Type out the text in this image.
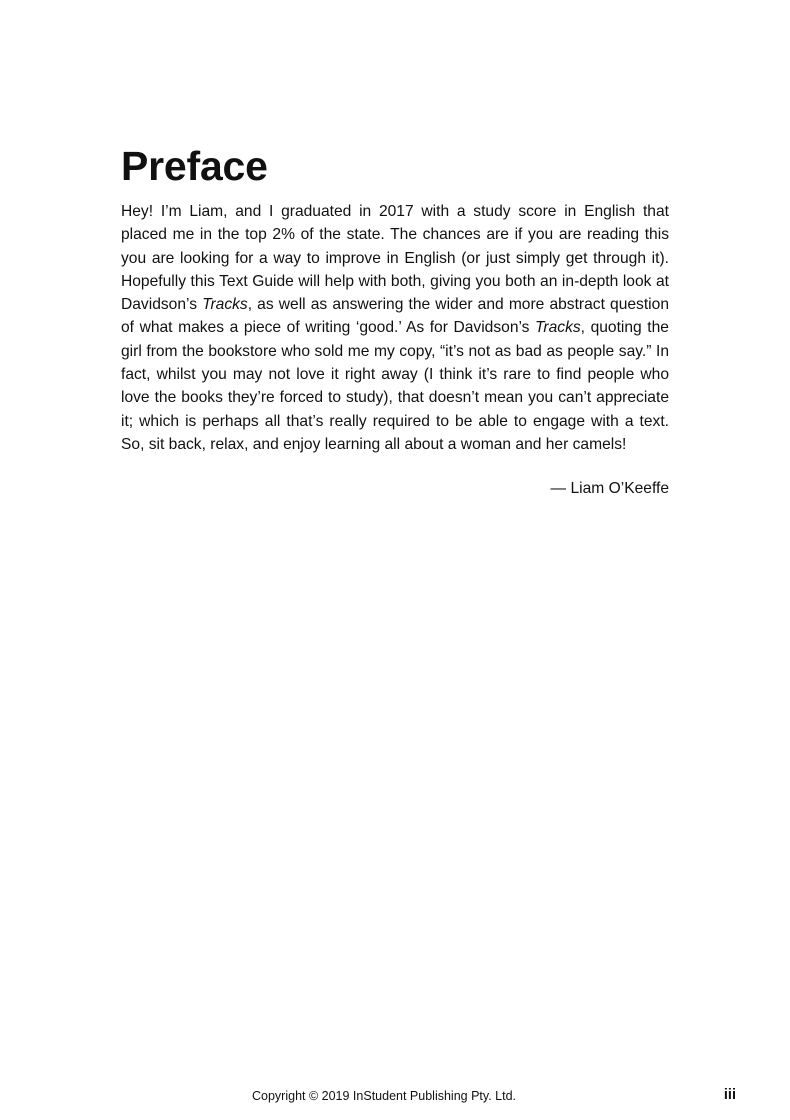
Preface

Hey! I’m Liam, and I graduated in 2017 with a study score in English that placed me in the top 2% of the state. The chances are if you are reading this you are looking for a way to improve in English (or just simply get through it). Hopefully this Text Guide will help with both, giving you both an in-depth look at Davidson’s Tracks, as well as answering the wider and more abstract question of what makes a piece of writing ‘good.’ As for Davidson’s Tracks, quoting the girl from the bookstore who sold me my copy, “it’s not as bad as people say.” In fact, whilst you may not love it right away (I think it’s rare to find people who love the books they’re forced to study), that doesn’t mean you can’t appreciate it; which is perhaps all that’s really required to be able to engage with a text. So, sit back, relax, and enjoy learning all about a woman and her camels!

— Liam O’Keeffe
Copyright © 2019 InStudent Publishing Pty. Ltd.	iii
